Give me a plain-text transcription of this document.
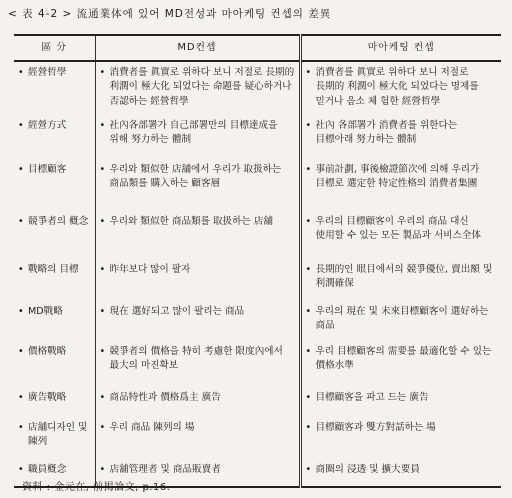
< 表 4-2 > 流通業体에 있어 MD전성과 마아케팅 컨셉의 差異
區 分	MD컨셉	마아케팅 컨셉

• 經營哲學	• 消費者를 眞實로 위하다 보니 저절로 長期的 利潤이 極大化 되었다는 命題를 疑心하거나 否認하는 經營哲學	• 消費者를 眞實로 위하다 보니 저절로 長期的 利潤이 極大化 되었다는 명제를 믿거나 음소 체 험한 經營哲學

• 經營方式	• 社內各部署가 自己部署만의 目標達成을 위해 努力하는 體制	• 社內 各部署가 消費者를 위한다는 目標아래 努力하는 體制

• 目標顧客	• 우리와 類似한 店舖에서 우리가 取扱하는 商品類를 購入하는 顧客層	• 事前計劃, 事後檢證節次에 의해 우리가 目標로 選定한 特定性格의 消費者集團

• 競爭者의 槪念	• 우리와 類似한 商品類를 取扱하는 店舖	• 우리의 目標顧客이 우리의 商品 대신 使用할 수 있는 모든 製品과 서비스全体

• 戰略의 目標	• 昨年보다 많이 팔자	• 長期的인 眼目에서의 競爭優位, 賣出額 및 利潤確保

• MD戰略	• 現在 選好되고 많이 팔리는 商品	• 우리의 現在 및 未來目標顧客이 選好하는 商品

• 價格戰略	• 競爭者의 價格을 特히 考慮한 限度內에서 最大의 마진확보	• 우리 目標顧客의 需要를 最適化할 수 있는 價格水準

• 廣告戰略	• 商品特性과 價格爲主 廣告	• 目標顧客을 파고 드는 廣告

• 店舖디자인 및 陳列	• 우리 商品 陳列의 場	• 目標顧客과 雙方對話하는 場

• 職員槪念	• 店舖管理者 및 商品販賣者	• 商圈의 浸透 및 擴大要員
資料 : 金元在, 前揭論文, p.16.
